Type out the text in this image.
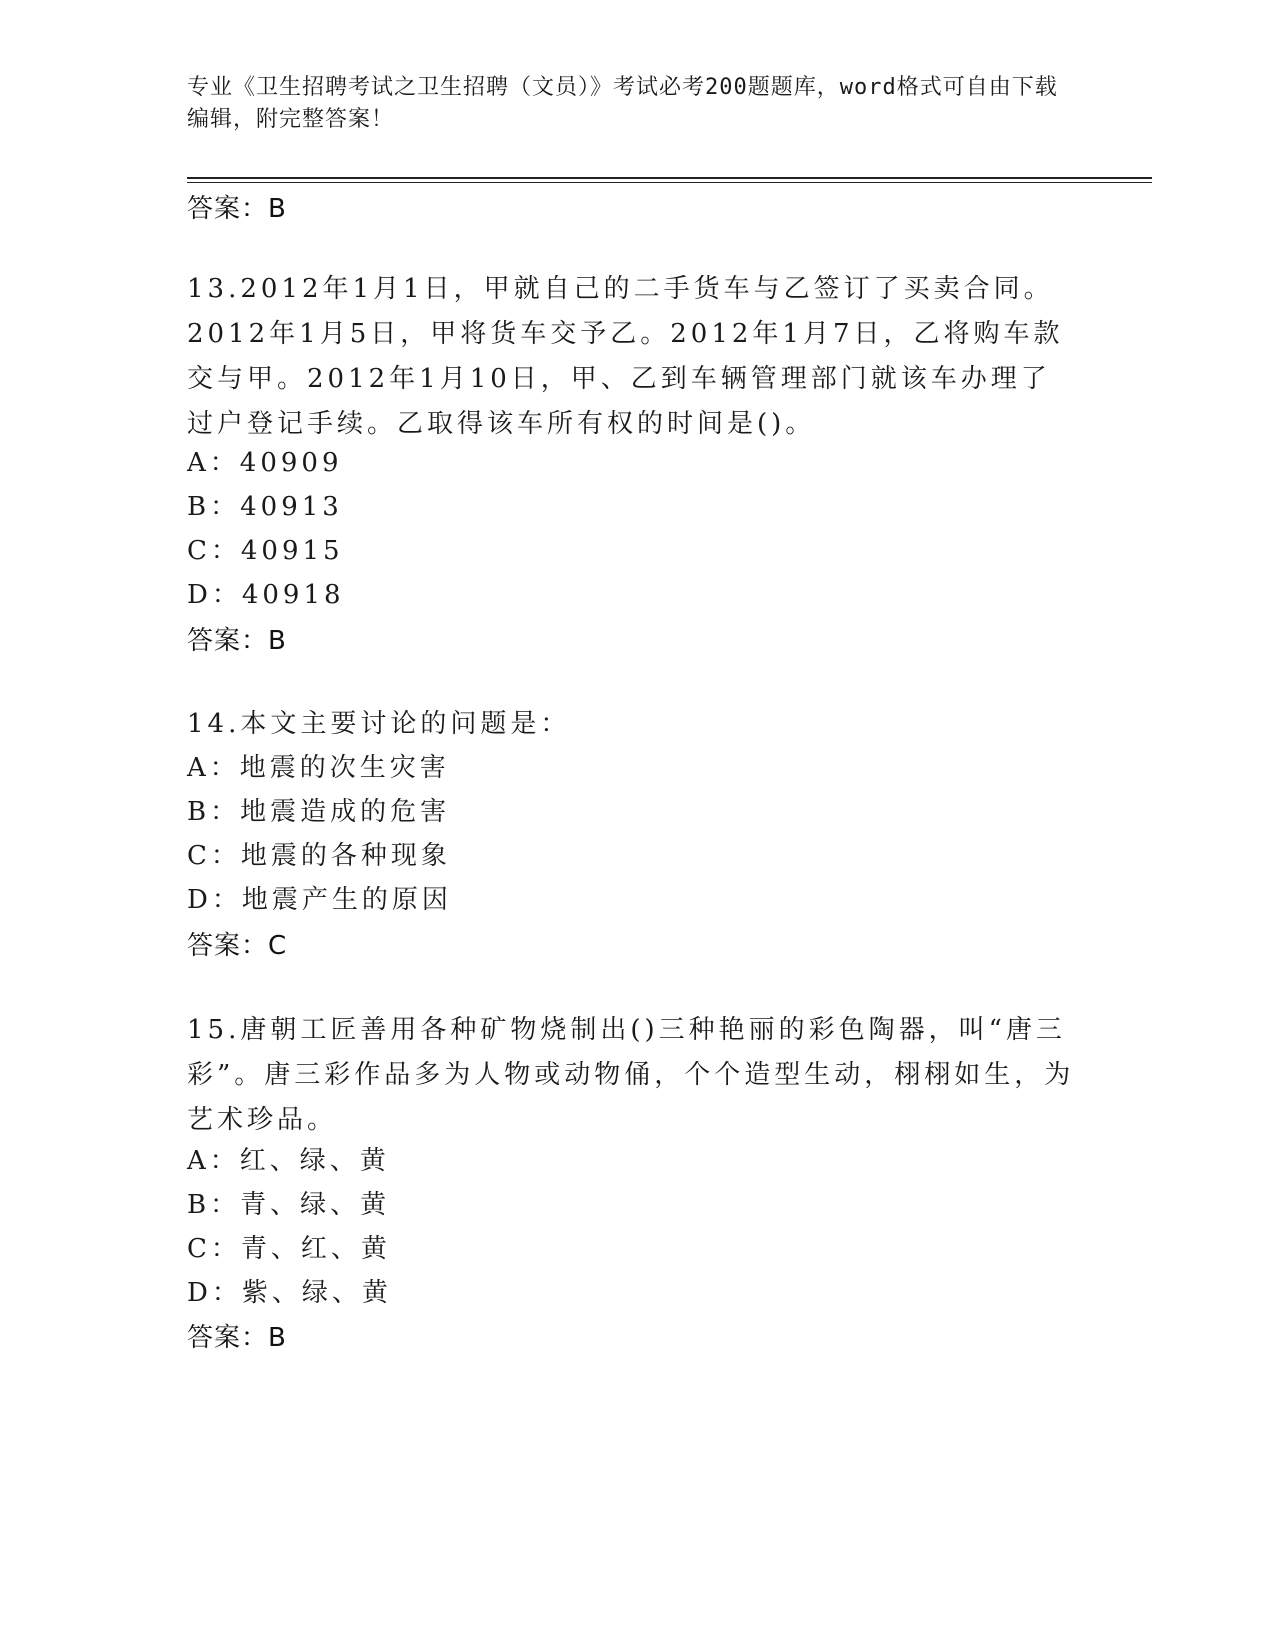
专业《卫生招聘考试之卫生招聘（文员）》考试必考200题题库，word格式可自由下载编辑，附完整答案！
答案：B
13.2012年1月1日，甲就自己的二手货车与乙签订了买卖合同。2012年1月5日，甲将货车交予乙。2012年1月7日，乙将购车款交与甲。2012年1月10日，甲、乙到车辆管理部门就该车办理了过户登记手续。乙取得该车所有权的时间是()。
A：40909
B：40913
C：40915
D：40918
答案：B
14.本文主要讨论的问题是：
A：地震的次生灾害
B：地震造成的危害
C：地震的各种现象
D：地震产生的原因
答案：C
15.唐朝工匠善用各种矿物烧制出()三种艳丽的彩色陶器，叫“唐三彩”。唐三彩作品多为人物或动物俑，个个造型生动，栩栩如生，为艺术珍品。
A：红、绿、黄
B：青、绿、黄
C：青、红、黄
D：紫、绿、黄
答案：B
